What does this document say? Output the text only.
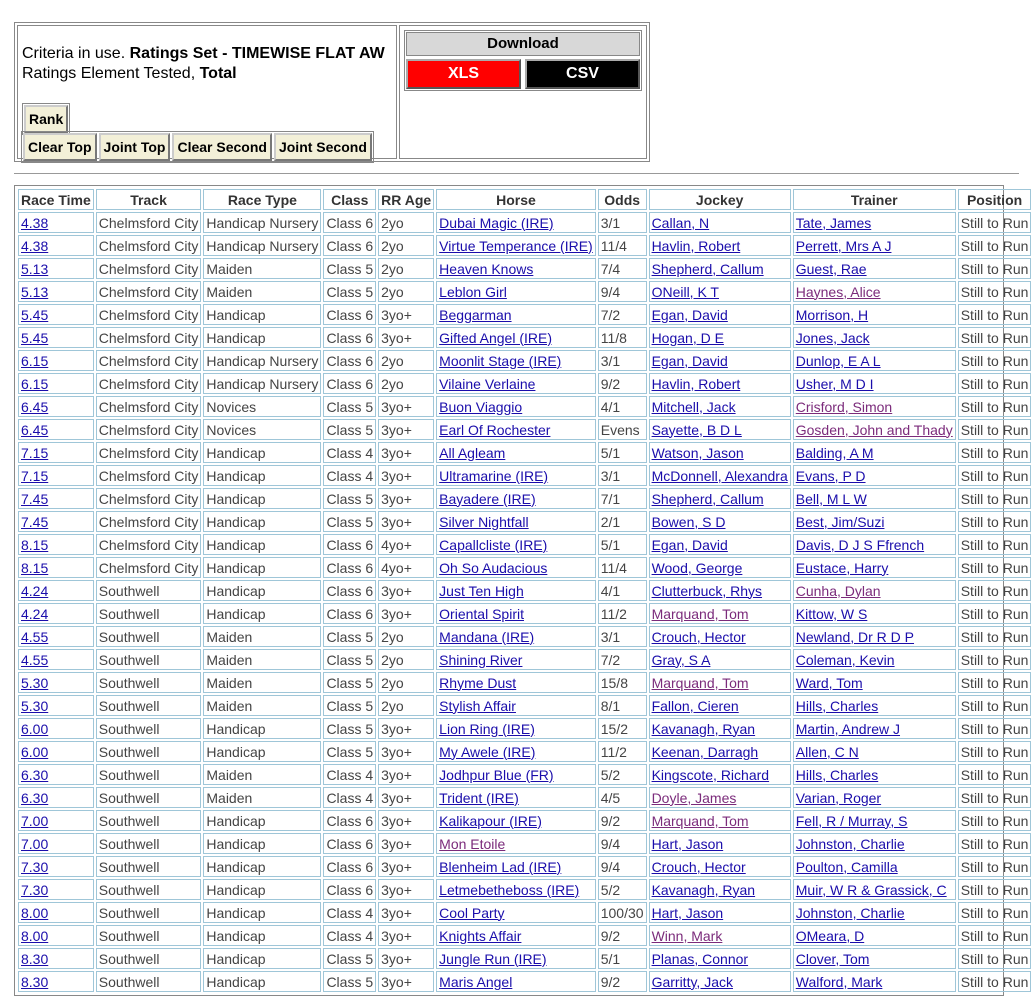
Criteria in use. Ratings Set - TIMEWISE FLAT AW
Ratings Element Tested, Total
Rank
Clear Top Joint Top Clear Second Joint Second
Download
XLS	CSV
Race Time	Track	Race Type	Class	RR Age	Horse	Odds	Jockey	Trainer	Position
4.38	Chelmsford City	Handicap Nursery	Class 6	2yo	Dubai Magic (IRE)	3/1	Callan, N	Tate, James	Still to Run
4.38	Chelmsford City	Handicap Nursery	Class 6	2yo	Virtue Temperance (IRE)	11/4	Havlin, Robert	Perrett, Mrs A J	Still to Run
5.13	Chelmsford City	Maiden	Class 5	2yo	Heaven Knows	7/4	Shepherd, Callum	Guest, Rae	Still to Run
5.13	Chelmsford City	Maiden	Class 5	2yo	Leblon Girl	9/4	ONeill, K T	Haynes, Alice	Still to Run
5.45	Chelmsford City	Handicap	Class 6	3yo+	Beggarman	7/2	Egan, David	Morrison, H	Still to Run
5.45	Chelmsford City	Handicap	Class 6	3yo+	Gifted Angel (IRE)	11/8	Hogan, D E	Jones, Jack	Still to Run
6.15	Chelmsford City	Handicap Nursery	Class 6	2yo	Moonlit Stage (IRE)	3/1	Egan, David	Dunlop, E A L	Still to Run
6.15	Chelmsford City	Handicap Nursery	Class 6	2yo	Vilaine Verlaine	9/2	Havlin, Robert	Usher, M D I	Still to Run
6.45	Chelmsford City	Novices	Class 5	3yo+	Buon Viaggio	4/1	Mitchell, Jack	Crisford, Simon	Still to Run
6.45	Chelmsford City	Novices	Class 5	3yo+	Earl Of Rochester	Evens	Sayette, B D L	Gosden, John and Thady	Still to Run
7.15	Chelmsford City	Handicap	Class 4	3yo+	All Agleam	5/1	Watson, Jason	Balding, A M	Still to Run
7.15	Chelmsford City	Handicap	Class 4	3yo+	Ultramarine (IRE)	3/1	McDonnell, Alexandra	Evans, P D	Still to Run
7.45	Chelmsford City	Handicap	Class 5	3yo+	Bayadere (IRE)	7/1	Shepherd, Callum	Bell, M L W	Still to Run
7.45	Chelmsford City	Handicap	Class 5	3yo+	Silver Nightfall	2/1	Bowen, S D	Best, Jim/Suzi	Still to Run
8.15	Chelmsford City	Handicap	Class 6	4yo+	Capallcliste (IRE)	5/1	Egan, David	Davis, D J S Ffrench	Still to Run
8.15	Chelmsford City	Handicap	Class 6	4yo+	Oh So Audacious	11/4	Wood, George	Eustace, Harry	Still to Run
4.24	Southwell	Handicap	Class 6	3yo+	Just Ten High	4/1	Clutterbuck, Rhys	Cunha, Dylan	Still to Run
4.24	Southwell	Handicap	Class 6	3yo+	Oriental Spirit	11/2	Marquand, Tom	Kittow, W S	Still to Run
4.55	Southwell	Maiden	Class 5	2yo	Mandana (IRE)	3/1	Crouch, Hector	Newland, Dr R D P	Still to Run
4.55	Southwell	Maiden	Class 5	2yo	Shining River	7/2	Gray, S A	Coleman, Kevin	Still to Run
5.30	Southwell	Maiden	Class 5	2yo	Rhyme Dust	15/8	Marquand, Tom	Ward, Tom	Still to Run
5.30	Southwell	Maiden	Class 5	2yo	Stylish Affair	8/1	Fallon, Cieren	Hills, Charles	Still to Run
6.00	Southwell	Handicap	Class 5	3yo+	Lion Ring (IRE)	15/2	Kavanagh, Ryan	Martin, Andrew J	Still to Run
6.00	Southwell	Handicap	Class 5	3yo+	My Awele (IRE)	11/2	Keenan, Darragh	Allen, C N	Still to Run
6.30	Southwell	Maiden	Class 4	3yo+	Jodhpur Blue (FR)	5/2	Kingscote, Richard	Hills, Charles	Still to Run
6.30	Southwell	Maiden	Class 4	3yo+	Trident (IRE)	4/5	Doyle, James	Varian, Roger	Still to Run
7.00	Southwell	Handicap	Class 6	3yo+	Kalikapour (IRE)	9/2	Marquand, Tom	Fell, R / Murray, S	Still to Run
7.00	Southwell	Handicap	Class 6	3yo+	Mon Etoile	9/4	Hart, Jason	Johnston, Charlie	Still to Run
7.30	Southwell	Handicap	Class 6	3yo+	Blenheim Lad (IRE)	9/4	Crouch, Hector	Poulton, Camilla	Still to Run
7.30	Southwell	Handicap	Class 6	3yo+	Letmebetheboss (IRE)	5/2	Kavanagh, Ryan	Muir, W R & Grassick, C	Still to Run
8.00	Southwell	Handicap	Class 4	3yo+	Cool Party	100/30	Hart, Jason	Johnston, Charlie	Still to Run
8.00	Southwell	Handicap	Class 4	3yo+	Knights Affair	9/2	Winn, Mark	OMeara, D	Still to Run
8.30	Southwell	Handicap	Class 5	3yo+	Jungle Run (IRE)	5/1	Planas, Connor	Clover, Tom	Still to Run
8.30	Southwell	Handicap	Class 5	3yo+	Maris Angel	9/2	Garritty, Jack	Walford, Mark	Still to Run
